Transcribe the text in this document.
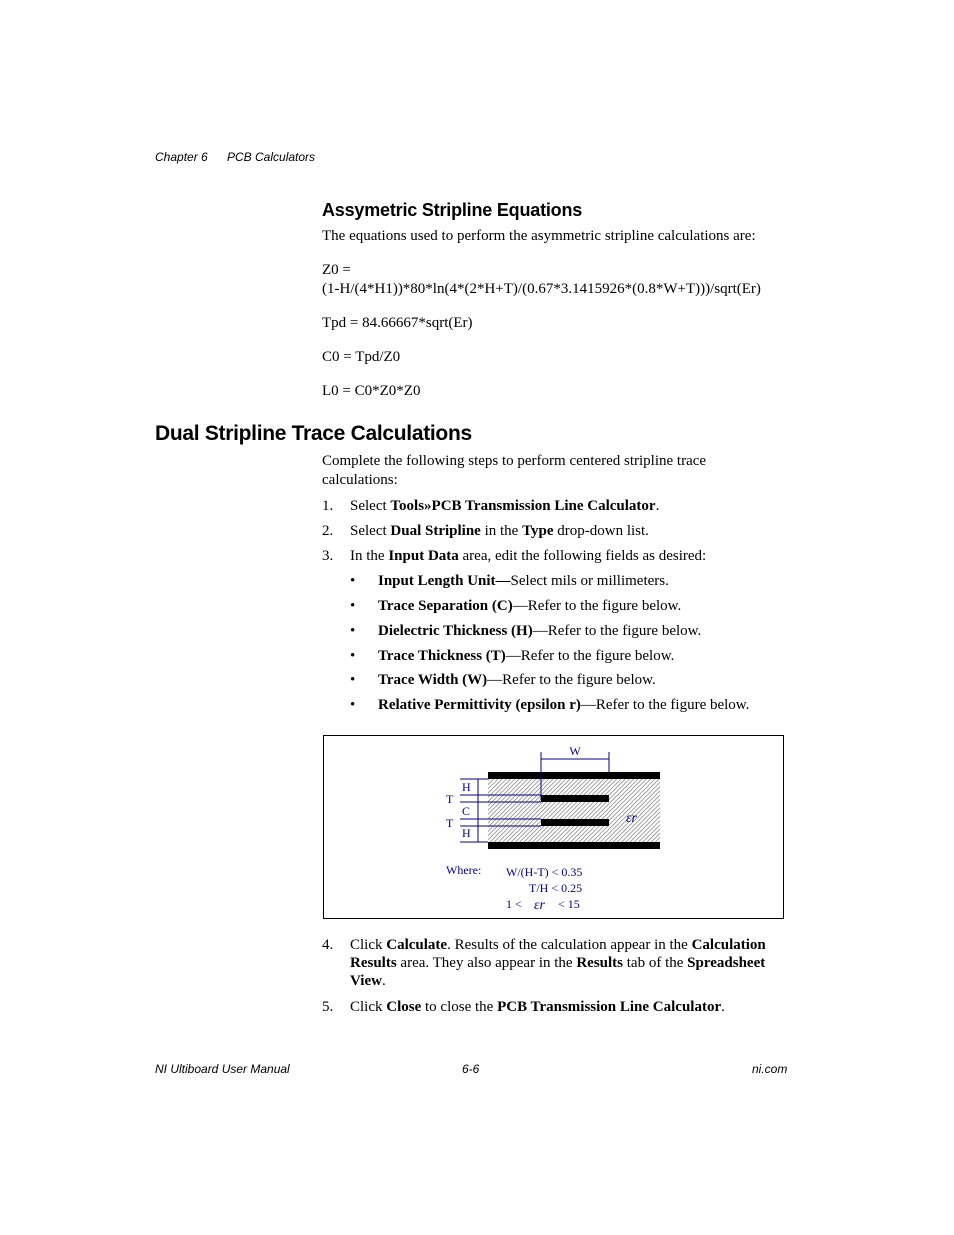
Chapter 6 PCB Calculators
Assymetric Stripline Equations
The equations used to perform the asymmetric stripline calculations are:
Z0 =
(1-H/(4*H1))*80*ln(4*(2*H+T)/(0.67*3.1415926*(0.8*W+T)))/sqrt(Er)
Tpd = 84.66667*sqrt(Er)
C0 = Tpd/Z0
L0 = C0*Z0*Z0
Dual Stripline Trace Calculations
Complete the following steps to perform centered stripline trace
calculations:
1. Select Tools»PCB Transmission Line Calculator.
2. Select Dual Stripline in the Type drop-down list.
3. In the Input Data area, edit the following fields as desired:
• Input Length Unit—Select mils or millimeters.
• Trace Separation (C)—Refer to the figure below.
• Dielectric Thickness (H)—Refer to the figure below.
• Trace Thickness (T)—Refer to the figure below.
• Trace Width (W)—Refer to the figure below.
• Relative Permittivity (epsilon r)—Refer to the figure below.
W
H
T
C
T
H
εr
Where: W/(H-T) < 0.35
T/H < 0.25
1 < εr < 15
4. Click Calculate. Results of the calculation appear in the Calculation
Results area. They also appear in the Results tab of the Spreadsheet
View.
5. Click Close to close the PCB Transmission Line Calculator.
NI Ultiboard User Manual	6-6	ni.com
